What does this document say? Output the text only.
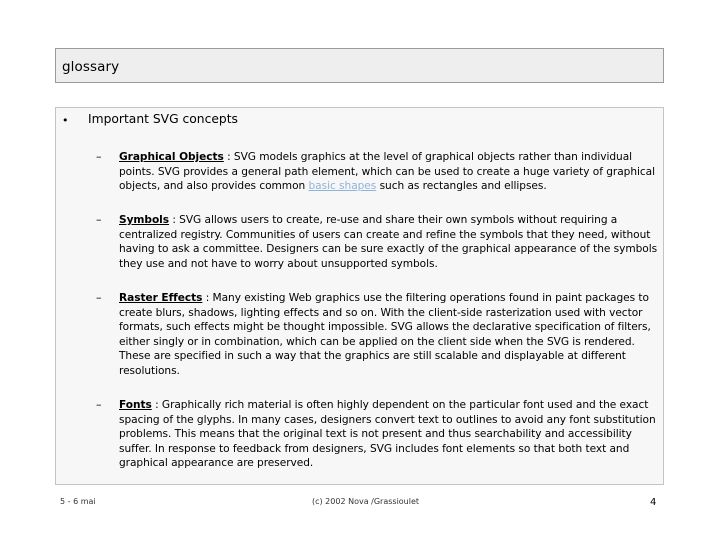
glossary
• Important SVG concepts
– Graphical Objects : SVG models graphics at the level of graphical objects rather than individual points. SVG provides a general path element, which can be used to create a huge variety of graphical objects, and also provides common basic shapes such as rectangles and ellipses.
– Symbols : SVG allows users to create, re-use and share their own symbols without requiring a centralized registry. Communities of users can create and refine the symbols that they need, without having to ask a committee. Designers can be sure exactly of the graphical appearance of the symbols they use and not have to worry about unsupported symbols.
– Raster Effects : Many existing Web graphics use the filtering operations found in paint packages to create blurs, shadows, lighting effects and so on. With the client-side rasterization used with vector formats, such effects might be thought impossible. SVG allows the declarative specification of filters, either singly or in combination, which can be applied on the client side when the SVG is rendered. These are specified in such a way that the graphics are still scalable and displayable at different resolutions.
– Fonts : Graphically rich material is often highly dependent on the particular font used and the exact spacing of the glyphs. In many cases, designers convert text to outlines to avoid any font substitution problems. This means that the original text is not present and thus searchability and accessibility suffer. In response to feedback from designers, SVG includes font elements so that both text and graphical appearance are preserved.
5 - 6 mai	(c) 2002 Nova /Grassioulet	4
